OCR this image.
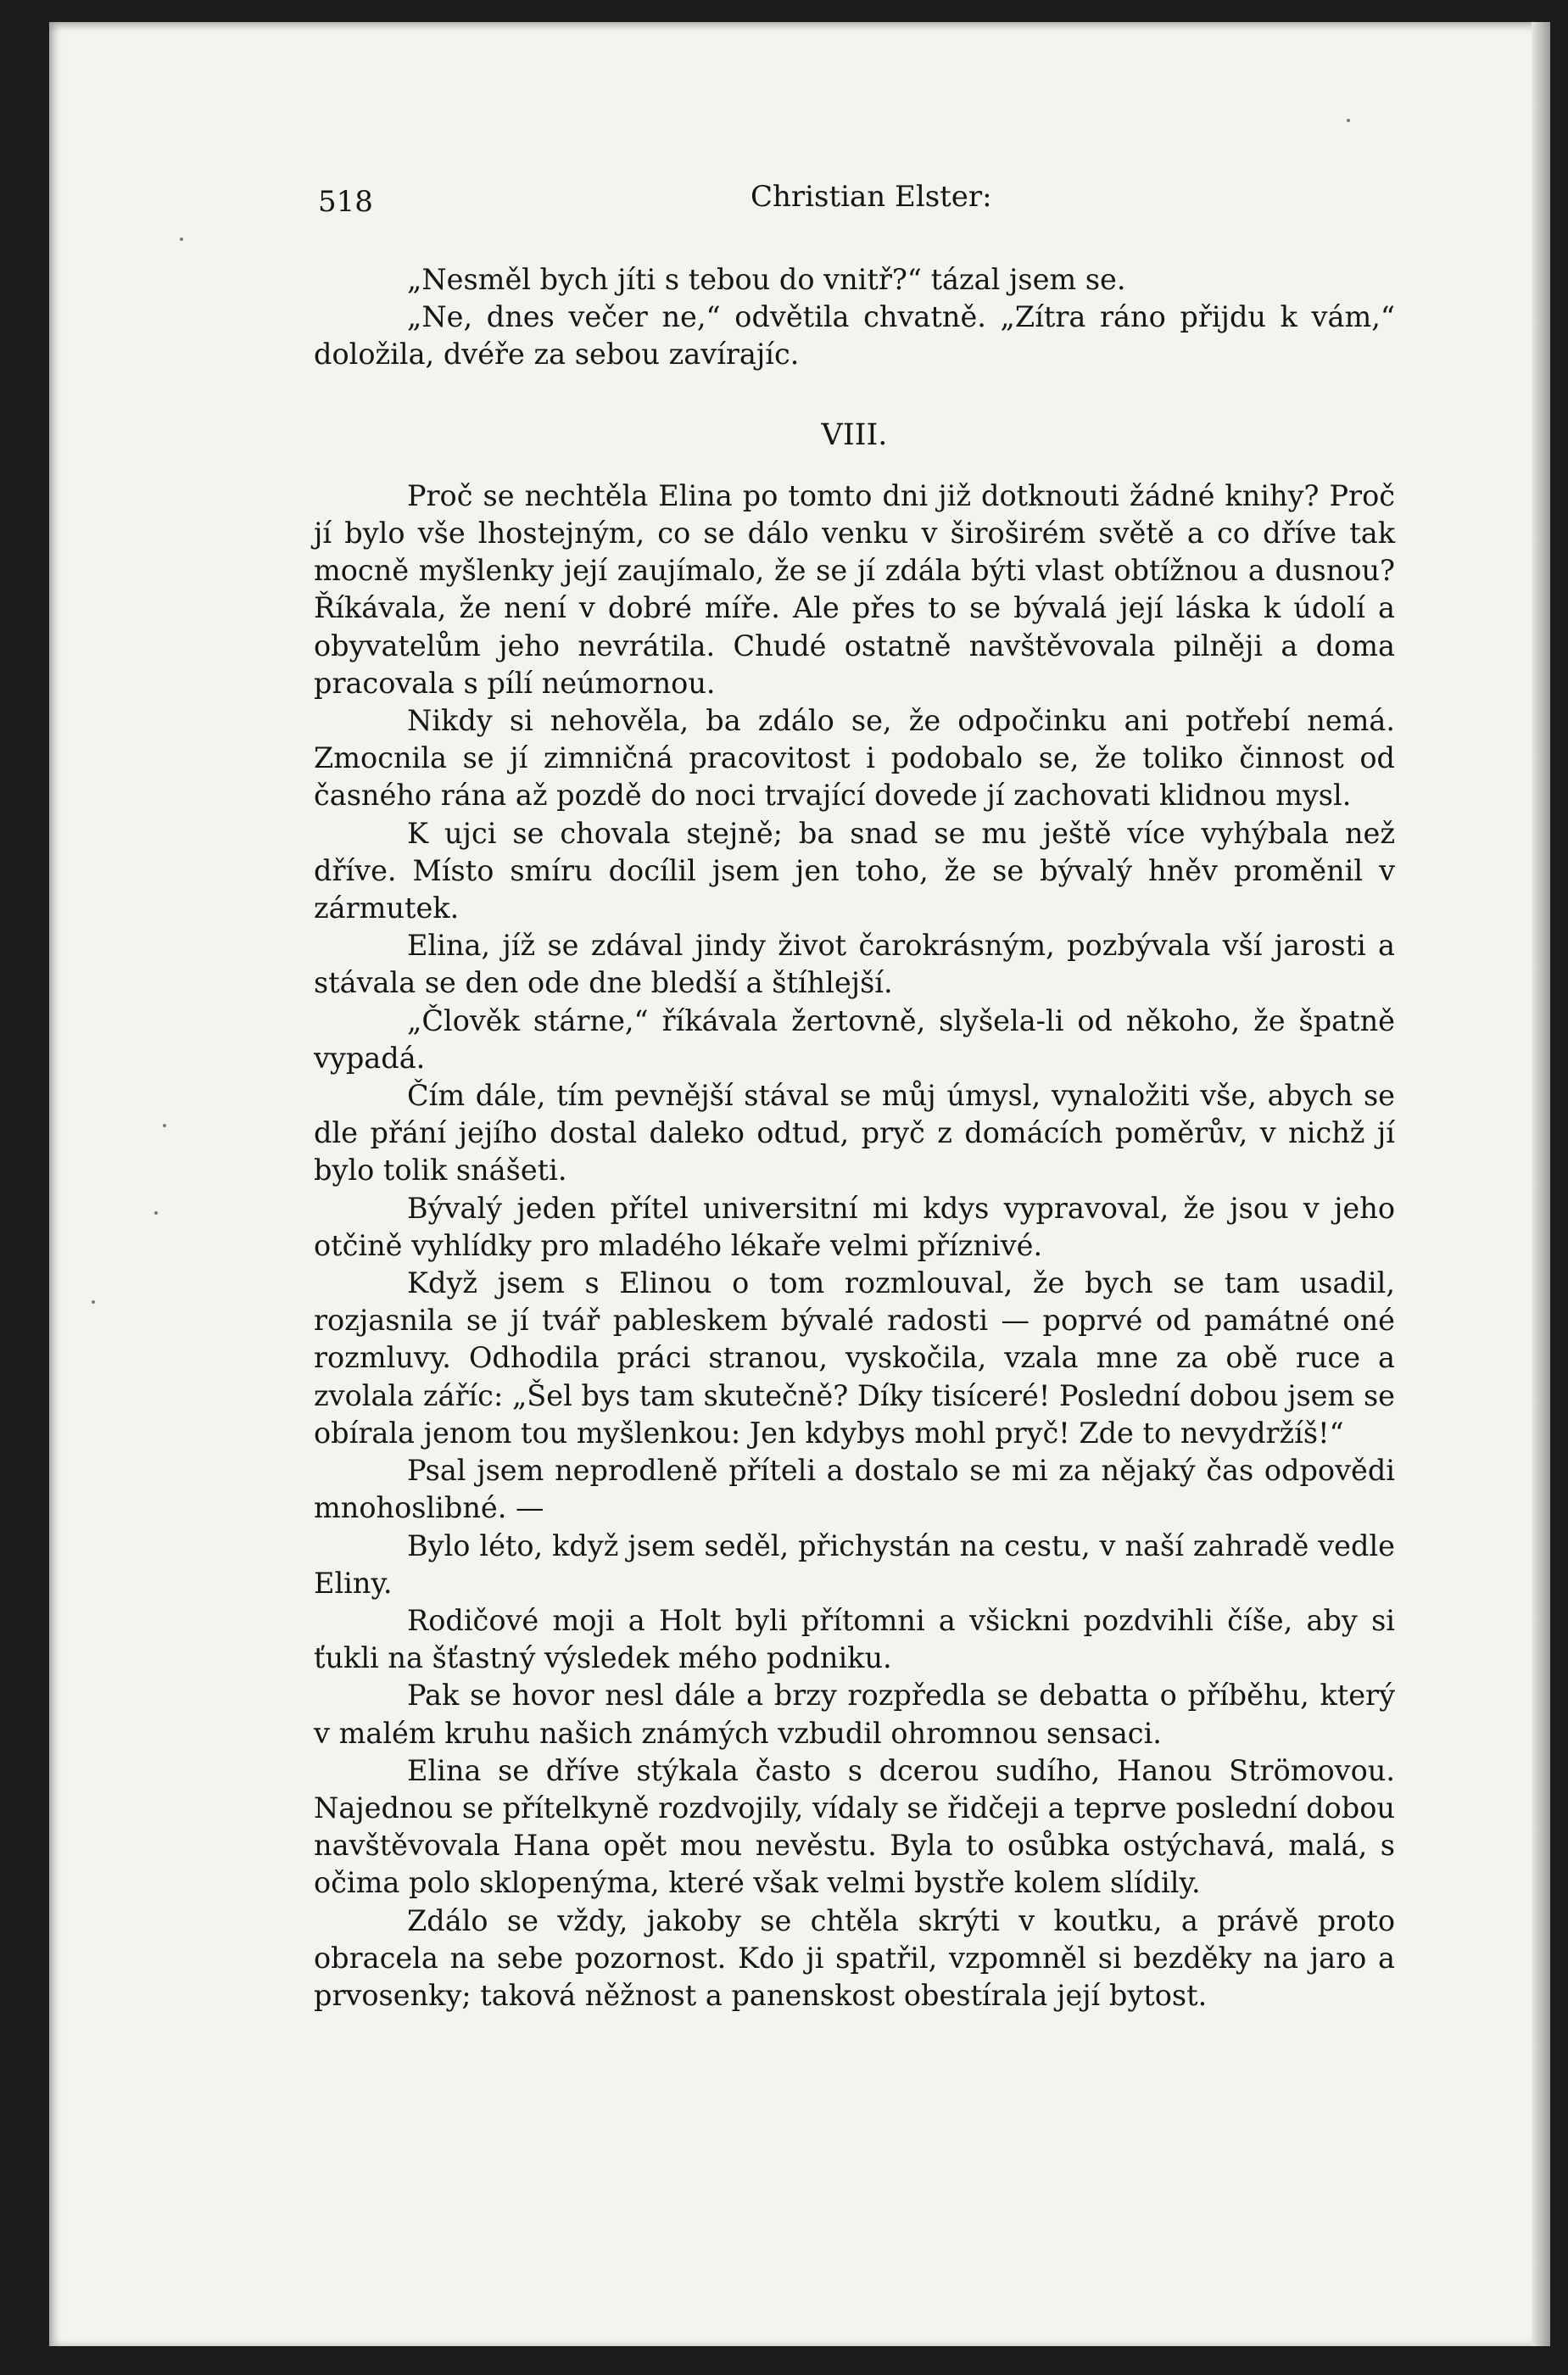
518	Christian Elster:

„Nesměl bych jíti s tebou do vnitř?“ tázal jsem se.

„Ne, dnes večer ne,“ odvětila chvatně. „Zítra ráno přijdu k vám,“ doložila, dvéře za sebou zavírajíc.

VIII.

Proč se nechtěla Elina po tomto dni již dotknouti žádné knihy? Proč jí bylo vše lhostejným, co se dálo venku v široširém světě a co dříve tak mocně myšlenky její zaujímalo, že se jí zdála býti vlast obtížnou a dusnou? Říkávala, že není v dobré míře. Ale přes to se bývalá její láska k údolí a obyvatelům jeho nevrátila. Chudé ostatně navštěvovala pilněji a doma pracovala s pílí neúmornou.

Nikdy si nehověla, ba zdálo se, že odpočinku ani potřebí nemá. Zmocnila se jí zimničná pracovitost i podobalo se, že toliko činnost od časného rána až pozdě do noci trvající dovede jí zachovati klidnou mysl.

K ujci se chovala stejně; ba snad se mu ještě více vyhýbala než dříve. Místo smíru docílil jsem jen toho, že se bývalý hněv proměnil v zármutek.

Elina, jíž se zdával jindy život čarokrásným, pozbývala vší jarosti a stávala se den ode dne bledší a štíhlejší.

„Člověk stárne,“ říkávala žertovně, slyšela-li od někoho, že špatně vypadá.

Čím dále, tím pevnější stával se můj úmysl, vynaložiti vše, abych se dle přání jejího dostal daleko odtud, pryč z domácích poměrův, v nichž jí bylo tolik snášeti.

Bývalý jeden přítel universitní mi kdys vypravoval, že jsou v jeho otčině vyhlídky pro mladého lékaře velmi příznivé.

Když jsem s Elinou o tom rozmlouval, že bych se tam usadil, rozjasnila se jí tvář pableskem bývalé radosti — poprvé od památné oné rozmluvy. Odhodila práci stranou, vyskočila, vzala mne za obě ruce a zvolala záříc: „Šel bys tam skutečně? Díky tisíceré! Poslední dobou jsem se obírala jenom tou myšlenkou: Jen kdybys mohl pryč! Zde to nevydržíš!“

Psal jsem neprodleně příteli a dostalo se mi za nějaký čas odpovědi mnohoslibné. —

Bylo léto, když jsem seděl, přichystán na cestu, v naší zahradě vedle Eliny.

Rodičové moji a Holt byli přítomni a všickni pozdvihli číše, aby si ťukli na šťastný výsledek mého podniku.

Pak se hovor nesl dále a brzy rozpředla se debatta o příběhu, který v malém kruhu našich známých vzbudil ohromnou sensaci.

Elina se dříve stýkala často s dcerou sudího, Hanou Strömovou. Najednou se přítelkyně rozdvojily, vídaly se řidčeji a teprve poslední dobou navštěvovala Hana opět mou nevěstu. Byla to osůbka ostýchavá, malá, s očima polo sklopenýma, které však velmi bystře kolem slídily.

Zdálo se vždy, jakoby se chtěla skrýti v koutku, a právě proto obracela na sebe pozornost. Kdo ji spatřil, vzpomněl si bezděky na jaro a prvosenky; taková něžnost a panenskost obestírala její bytost.
